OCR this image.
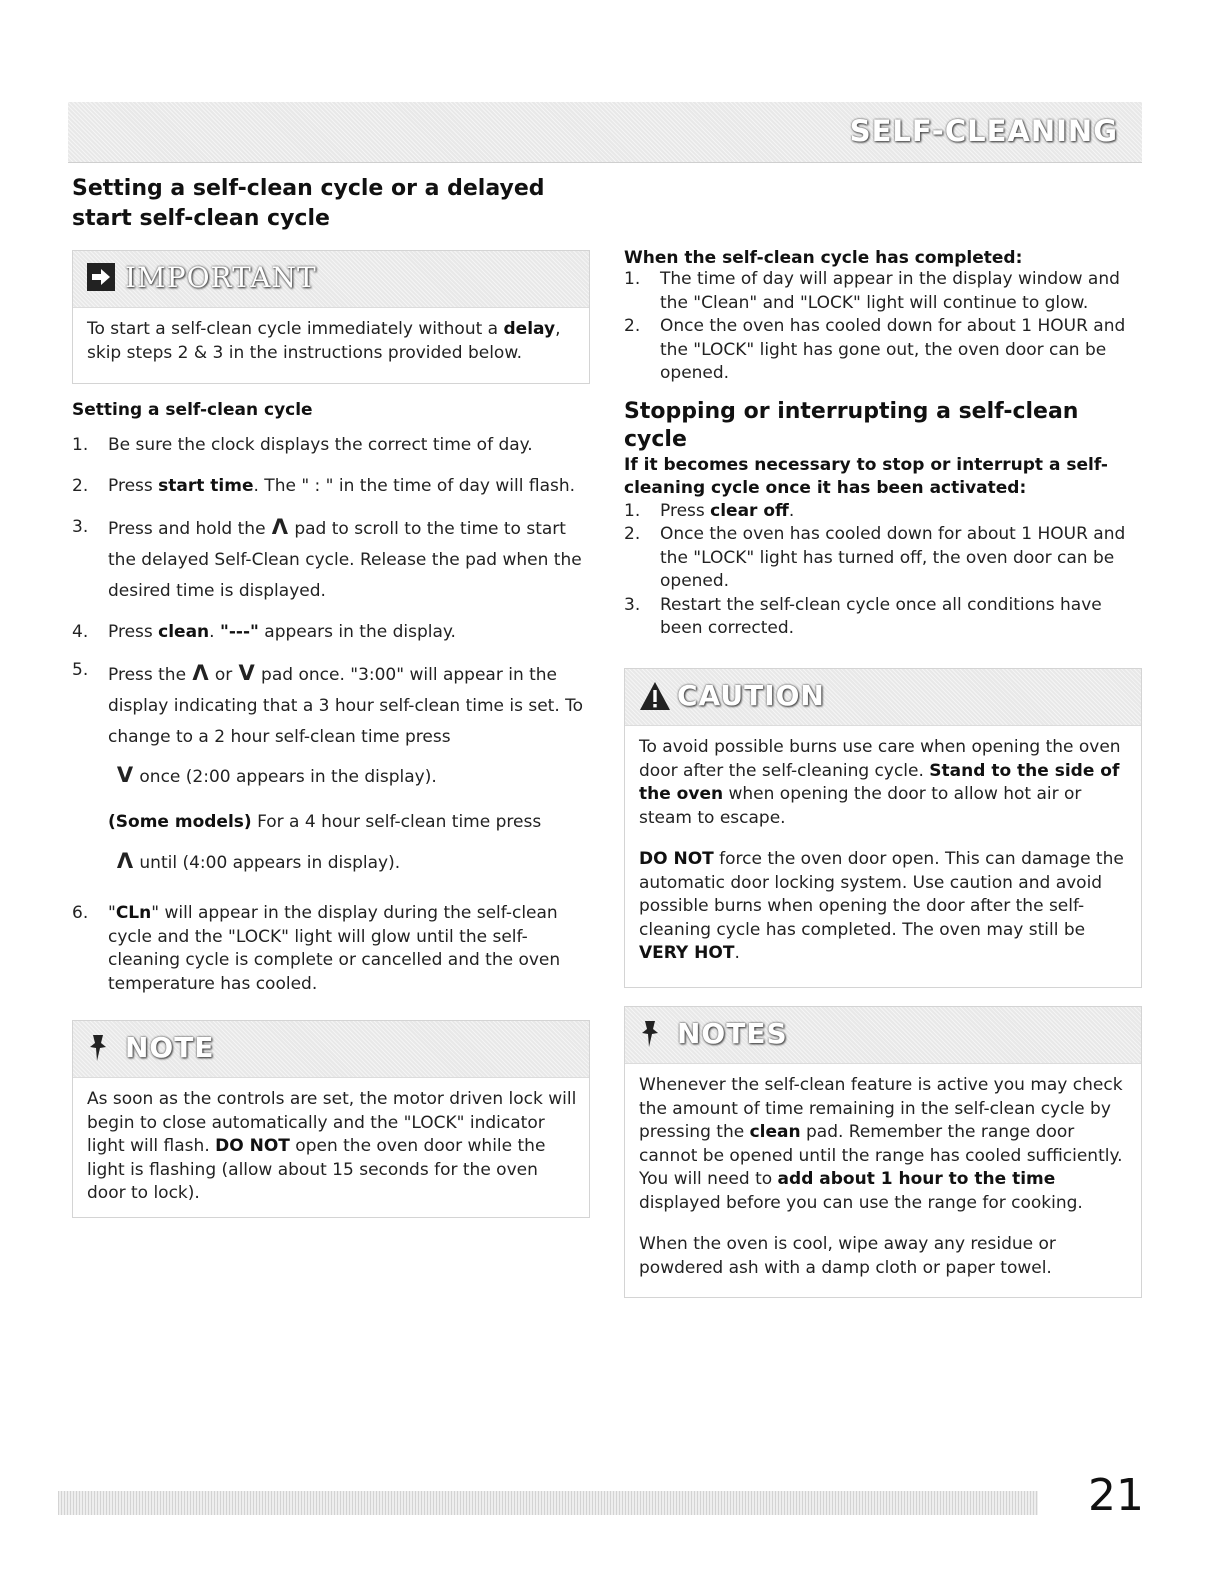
SELF-CLEANING
Setting a self-clean cycle or a delayed
start self-clean cycle
IMPORTANT

To start a self-clean cycle immediately without a delay, skip steps 2 & 3 in the instructions provided below.

Setting a self-clean cycle

1. Be sure the clock displays the correct time of day.
2. Press start time. The " : " in the time of day will flash.
3. Press and hold the Λ pad to scroll to the time to start the delayed Self-Clean cycle. Release the pad when the desired time is displayed.
4. Press clean. "---" appears in the display.
5. Press the Λ or V pad once. "3:00" will appear in the display indicating that a 3 hour self-clean time is set. To change to a 2 hour self-clean time press
V once (2:00 appears in the display).
(Some models) For a 4 hour self-clean time press
Λ until (4:00 appears in display).
6. "CLn" will appear in the display during the self-clean cycle and the "LOCK" light will glow until the self-cleaning cycle is complete or cancelled and the oven temperature has cooled.
NOTE

As soon as the controls are set, the motor driven lock will begin to close automatically and the "LOCK" indicator light will flash. DO NOT open the oven door while the light is flashing (allow about 15 seconds for the oven door to lock).

When the self-clean cycle has completed:

1. The time of day will appear in the display window and the "Clean" and "LOCK" light will continue to glow.
2. Once the oven has cooled down for about 1 HOUR and the "LOCK" light has gone out, the oven door can be opened.
Stopping or interrupting a self-clean cycle

If it becomes necessary to stop or interrupt a self-cleaning cycle once it has been activated:

1. Press clear off.
2. Once the oven has cooled down for about 1 HOUR and the "LOCK" light has turned off, the oven door can be opened.
3. Restart the self-clean cycle once all conditions have been corrected.
CAUTION

To avoid possible burns use care when opening the oven door after the self-cleaning cycle. Stand to the side of the oven when opening the door to allow hot air or steam to escape.

DO NOT force the oven door open. This can damage the automatic door locking system. Use caution and avoid possible burns when opening the door after the self-cleaning cycle has completed. The oven may still be VERY HOT.

NOTES

Whenever the self-clean feature is active you may check the amount of time remaining in the self-clean cycle by pressing the clean pad. Remember the range door cannot be opened until the range has cooled sufficiently. You will need to add about 1 hour to the time displayed before you can use the range for cooking.

When the oven is cool, wipe away any residue or powdered ash with a damp cloth or paper towel.

21
